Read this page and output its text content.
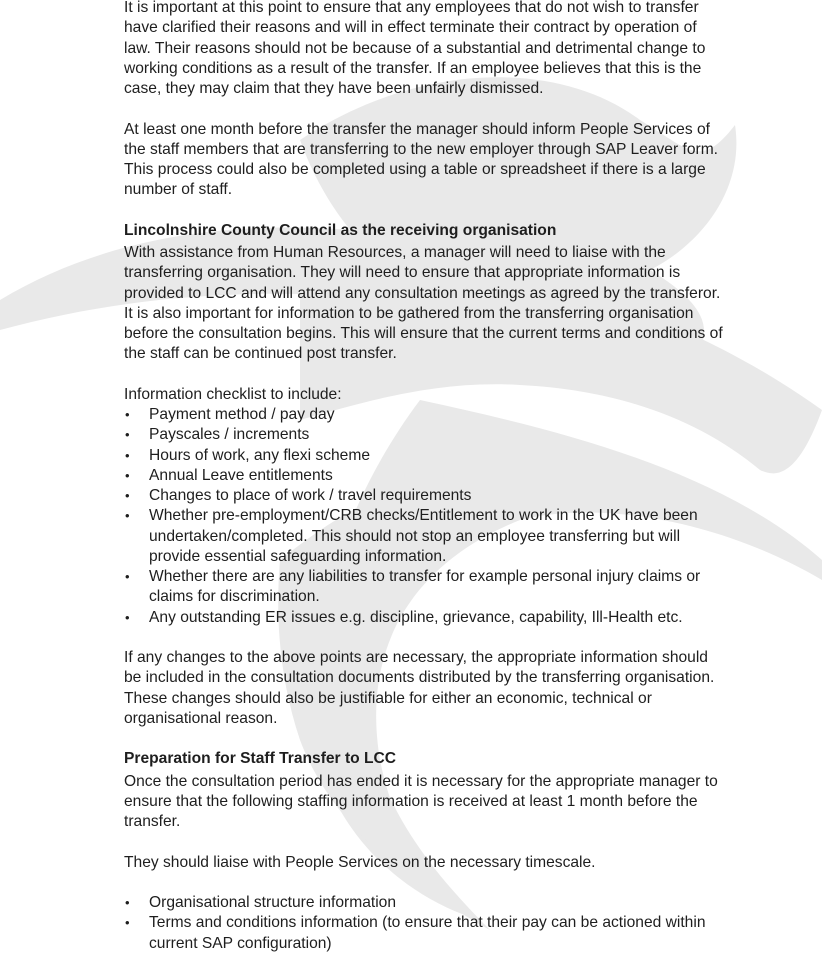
It is important at this point to ensure that any employees that do not wish to transfer have clarified their reasons and will in effect terminate their contract by operation of law. Their reasons should not be because of a substantial and detrimental change to working conditions as a result of the transfer. If an employee believes that this is the case, they may claim that they have been unfairly dismissed.

At least one month before the transfer the manager should inform People Services of the staff members that are transferring to the new employer through SAP Leaver form. This process could also be completed using a table or spreadsheet if there is a large number of staff.

Lincolnshire County Council as the receiving organisation

With assistance from Human Resources, a manager will need to liaise with the transferring organisation. They will need to ensure that appropriate information is provided to LCC and will attend any consultation meetings as agreed by the transferor. It is also important for information to be gathered from the transferring organisation before the consultation begins. This will ensure that the current terms and conditions of the staff can be continued post transfer.

Information checklist to include:

• Payment method / pay day
• Payscales / increments
• Hours of work, any flexi scheme
• Annual Leave entitlements
• Changes to place of work / travel requirements
• Whether pre-employment/CRB checks/Entitlement to work in the UK have been undertaken/completed. This should not stop an employee transferring but will provide essential safeguarding information.
• Whether there are any liabilities to transfer for example personal injury claims or claims for discrimination.
• Any outstanding ER issues e.g. discipline, grievance, capability, Ill-Health etc.

If any changes to the above points are necessary, the appropriate information should be included in the consultation documents distributed by the transferring organisation. These changes should also be justifiable for either an economic, technical or organisational reason.

Preparation for Staff Transfer to LCC

Once the consultation period has ended it is necessary for the appropriate manager to ensure that the following staffing information is received at least 1 month before the transfer.

They should liaise with People Services on the necessary timescale.

• Organisational structure information
• Terms and conditions information (to ensure that their pay can be actioned within current SAP configuration)
